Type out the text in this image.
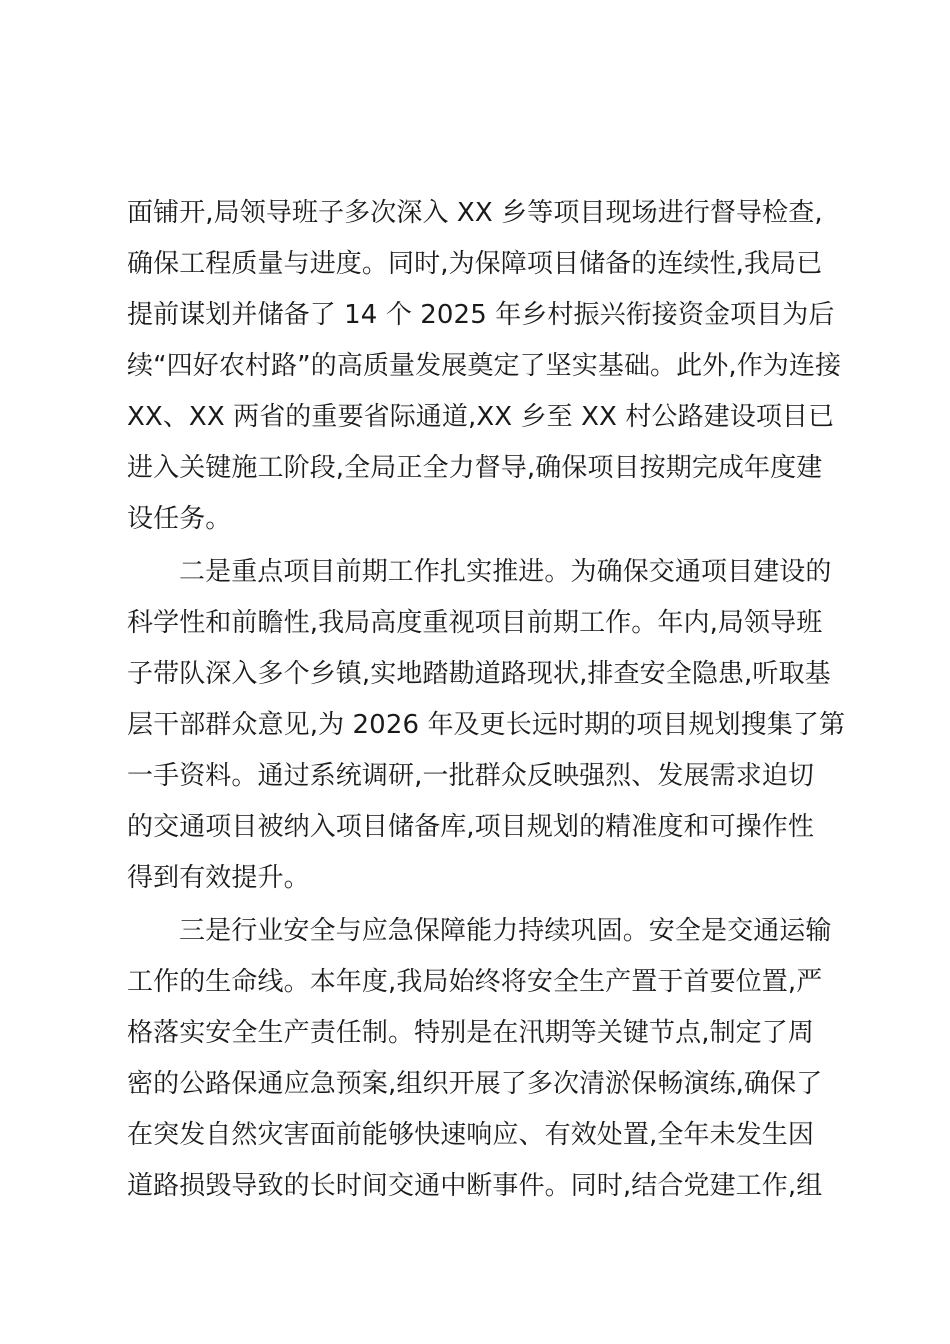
面铺开,局领导班子多次深入 XX 乡等项目现场进行督导检查,
确保工程质量与进度。同时,为保障项目储备的连续性,我局已
提前谋划并储备了 14 个 2025 年乡村振兴衔接资金项目为后
续“四好农村路”的高质量发展奠定了坚实基础。此外,作为连接
XX、XX 两省的重要省际通道,XX 乡至 XX 村公路建设项目已
进入关键施工阶段,全局正全力督导,确保项目按期完成年度建
设任务。
二是重点项目前期工作扎实推进。为确保交通项目建设的
科学性和前瞻性,我局高度重视项目前期工作。年内,局领导班
子带队深入多个乡镇,实地踏勘道路现状,排查安全隐患,听取基
层干部群众意见,为 2026 年及更长远时期的项目规划搜集了第
一手资料。通过系统调研,一批群众反映强烈、发展需求迫切
的交通项目被纳入项目储备库,项目规划的精准度和可操作性
得到有效提升。
三是行业安全与应急保障能力持续巩固。安全是交通运输
工作的生命线。本年度,我局始终将安全生产置于首要位置,严
格落实安全生产责任制。特别是在汛期等关键节点,制定了周
密的公路保通应急预案,组织开展了多次清淤保畅演练,确保了
在突发自然灾害面前能够快速响应、有效处置,全年未发生因
道路损毁导致的长时间交通中断事件。同时,结合党建工作,组
